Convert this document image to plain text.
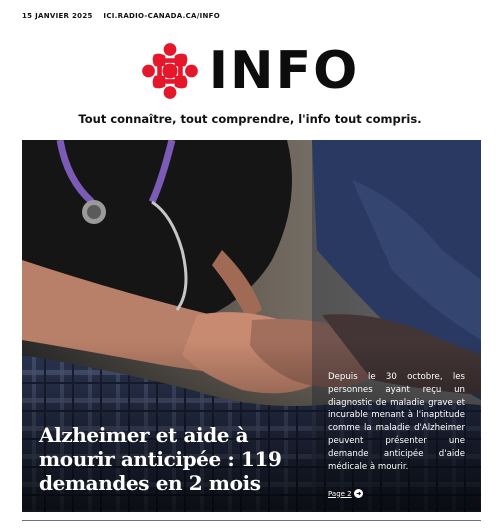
15 JANVIER 2025 ICI.RADIO-CANADA.CA/INFO
INFO
Tout connaître, tout comprendre, l'info tout compris.
Alzheimer et aide à
mourir anticipée : 119
demandes en 2 mois

Depuis le 30 octobre, les personnes ayant reçu un diagnostic de maladie grave et incurable menant à l'inaptitude comme la maladie d'Alzheimer peuvent présenter une demande anticipée d'aide médicale à mourir.

Page 2
